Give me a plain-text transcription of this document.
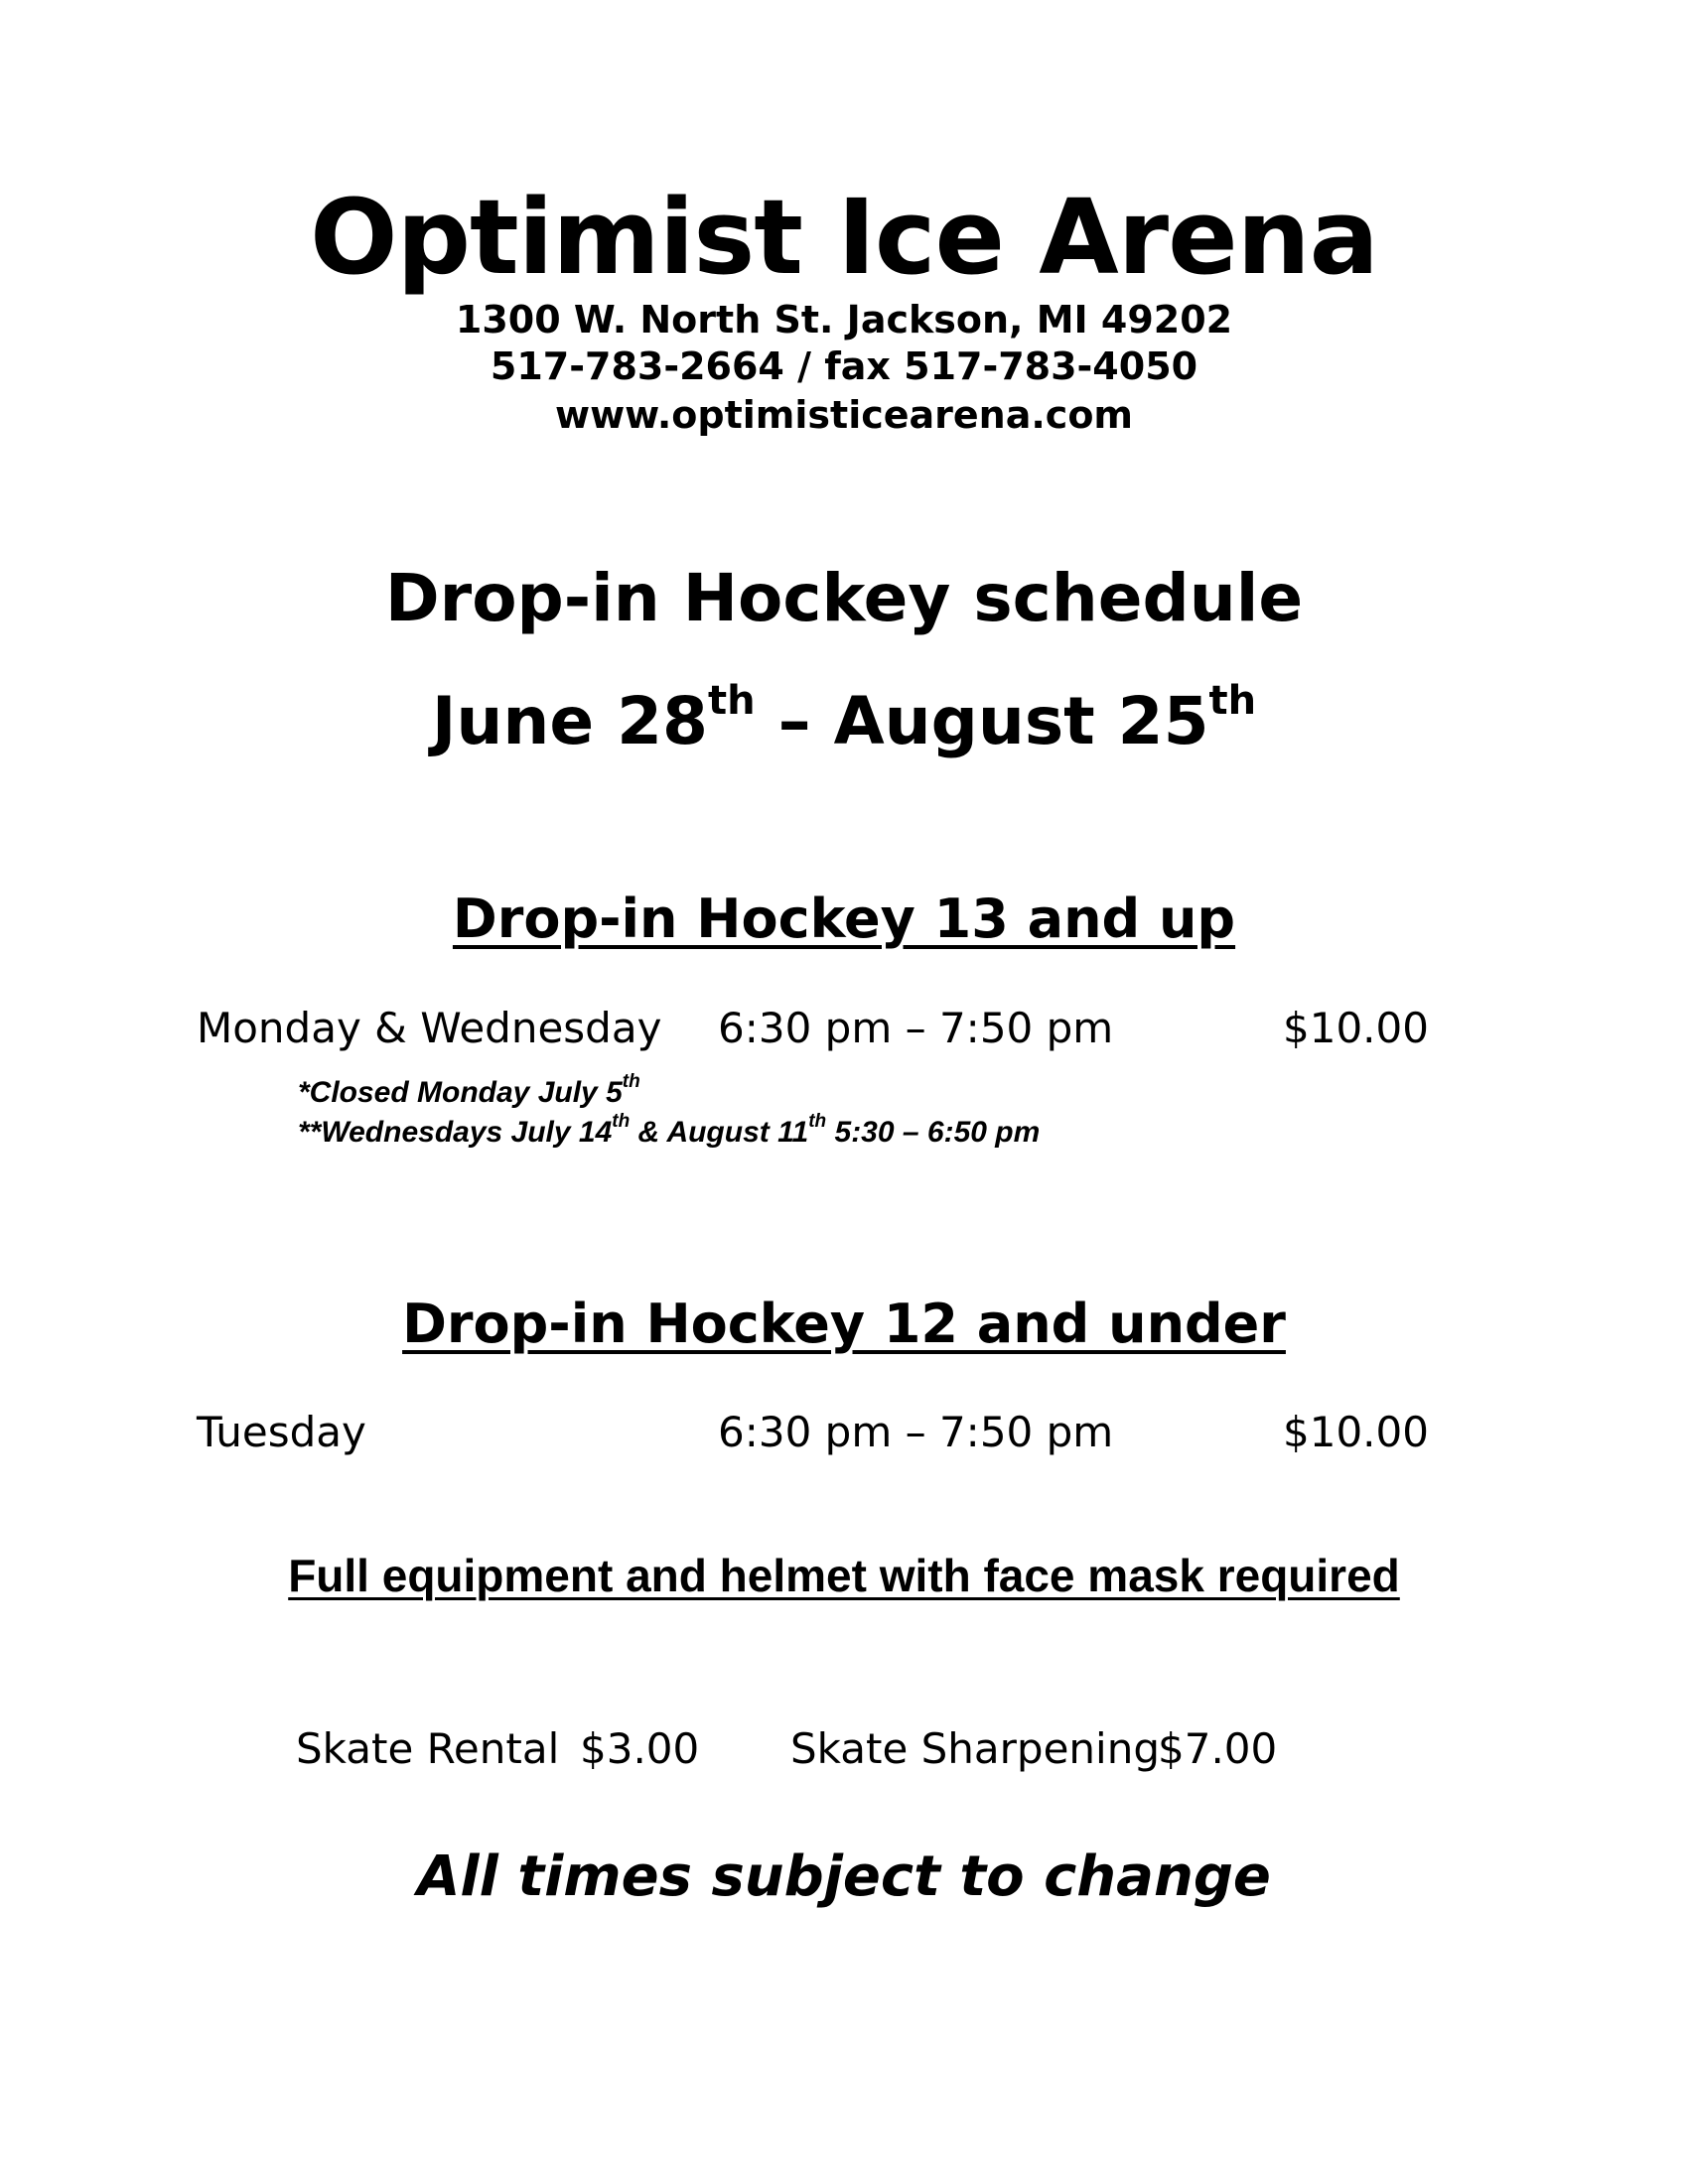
Optimist Ice Arena
1300 W. North St. Jackson, MI 49202
517-783-2664 / fax 517-783-4050
www.optimisticearena.com
Drop-in Hockey schedule
June 28th – August 25th
Drop-in Hockey 13 and up
Monday & Wednesday 6:30 pm – 7:50 pm	$10.00
*Closed Monday July 5th
**Wednesdays July 14th & August 11th 5:30 – 6:50 pm
Drop-in Hockey 12 and under
Tuesday	6:30 pm – 7:50 pm	$10.00
Full equipment and helmet with face mask required
Skate Rental $3.00 Skate Sharpening
$7.00
All times subject to change
